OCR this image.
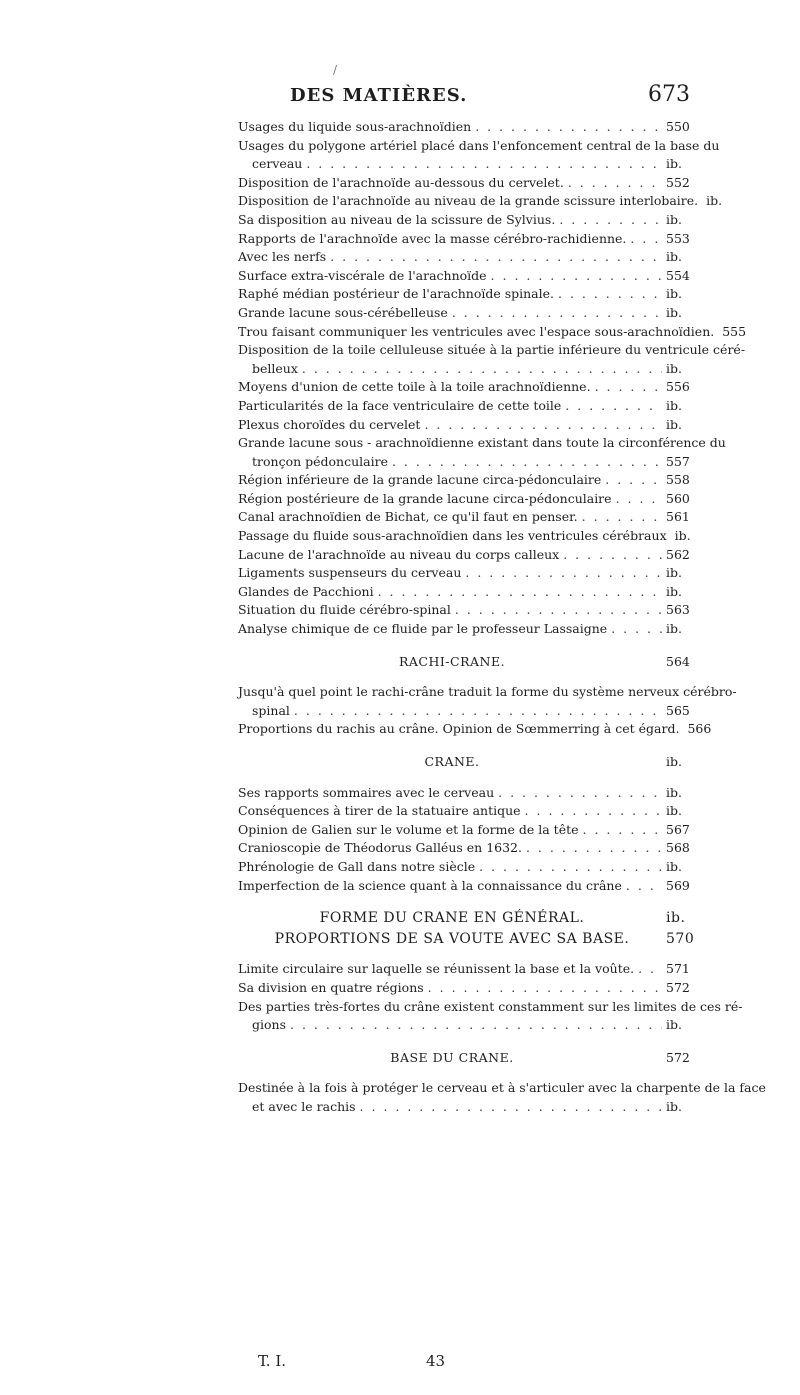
/
DES MATIÈRES.	673
Usages du liquide sous-arachnoïdien . . .	550
Usages du polygone artériel placé dans l'enfoncement central de la base du
cerveau . . .	ib.
Disposition de l'arachnoïde au-dessous du cervelet. . . .	552
Disposition de l'arachnoïde au niveau de la grande scissure interlobaire. ib.
Sa disposition au niveau de la scissure de Sylvius. . . .	ib.
Rapports de l'arachnoïde avec la masse cérébro-rachidienne. . . .	553
Avec les nerfs . . .	ib.
Surface extra-viscérale de l'arachnoïde . . .	554
Raphé médian postérieur de l'arachnoïde spinale. . . .	ib.
Grande lacune sous-cérébelleuse . . .	ib.
Trou faisant communiquer les ventricules avec l'espace sous-arachnoïdien. 555
Disposition de la toile celluleuse située à la partie inférieure du ventricule céré-
belleux . . .	ib.
Moyens d'union de cette toile à la toile arachnoïdienne. . . .	556
Particularités de la face ventriculaire de cette toile . . .	ib.
Plexus choroïdes du cervelet . . .	ib.
Grande lacune sous - arachnoïdienne existant dans toute la circonférence du
tronçon pédonculaire . . .	557
Région inférieure de la grande lacune circa-pédonculaire . . .	558
Région postérieure de la grande lacune circa-pédonculaire . . .	560
Canal arachnoïdien de Bichat, ce qu'il faut en penser. . . .	561
Passage du fluide sous-arachnoïdien dans les ventricules cérébraux ib.
Lacune de l'arachnoïde au niveau du corps calleux . . .	562
Ligaments suspenseurs du cerveau . . .	ib.
Glandes de Pacchioni . . .	ib.
Situation du fluide cérébro-spinal . . .	563
Analyse chimique de ce fluide par le professeur Lassaigne . . .	ib.
RACHI-CRANE.	564
Jusqu'à quel point le rachi-crâne traduit la forme du système nerveux cérébro-
spinal . . .	565
Proportions du rachis au crâne. Opinion de Sœmmerring à cet égard. 566
CRANE.	ib.
Ses rapports sommaires avec le cerveau . . .	ib.
Conséquences à tirer de la statuaire antique . . .	ib.
Opinion de Galien sur le volume et la forme de la tête . . .	567
Cranioscopie de Théodorus Galléus en 1632. . . .	568
Phrénologie de Gall dans notre siècle . . .	ib.
Imperfection de la science quant à la connaissance du crâne . . .	569
FORME DU CRANE EN GÉNÉRAL.	ib.
PROPORTIONS DE SA VOUTE AVEC SA BASE.	570
Limite circulaire sur laquelle se réunissent la base et la voûte. . . .	571
Sa division en quatre régions . . .	572
Des parties très-fortes du crâne existent constamment sur les limites de ces ré-
gions . . .	ib.
BASE DU CRANE.	572
Destinée à la fois à protéger le cerveau et à s'articuler avec la charpente de la face
et avec le rachis . . .	ib.
T. I.	43
